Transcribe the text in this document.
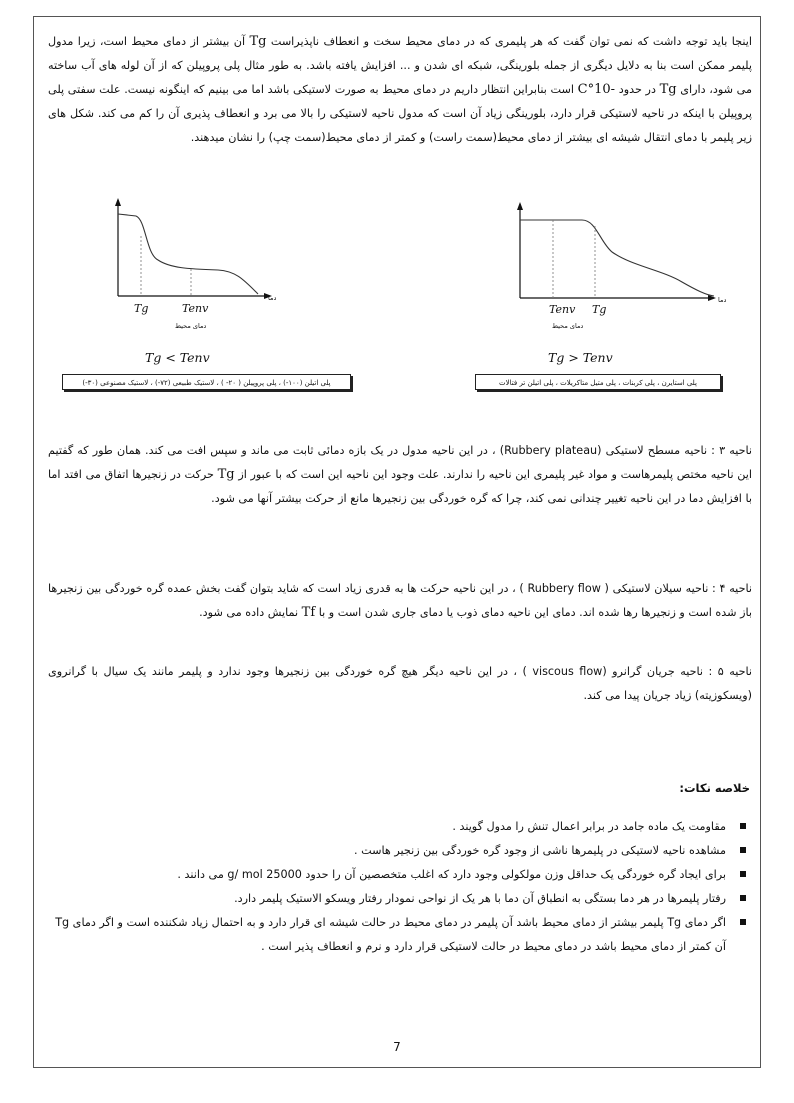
اینجا باید توجه داشت که نمی توان گفت که هر پلیمری که در دمای محیط سخت و انعطاف ناپذیراست Tg آن بیشتر از دمای محیط است، زیرا مدول پلیمر ممکن است بنا به دلایل دیگری از جمله بلورینگی، شبکه ای شدن و ... افزایش یافته باشد. به طور مثال پلی پروپیلن که از آن لوله های آب ساخته می شود، دارای Tg در حدود -10°C است بنابراین انتظار داریم در دمای محیط به صورت لاستیکی باشد اما می بینیم که اینگونه نیست. علت سفتی پلی پروپیلن با اینکه در ناحیه لاستیکی قرار دارد، بلورینگی زیاد آن است که مدول ناحیه لاستیکی را بالا می برد و انعطاف پذیری آن را کم می کند. شکل های زیر پلیمر با دمای انتقال شیشه ای بیشتر از دمای محیط(سمت راست) و کمتر از دمای محیط(سمت چپ) را نشان میدهند.

دما
Tg	Tenv
دمای محیط
Tg < Tenv
پلی اتیلن (۱۰۰-) ، پلی پروپیلن ( ۲۰- ) ، لاستیک طبیعی (۷۲-) ، لاستیک مصنوعی (۳۰-)
دما
Tenv Tg
دمای محیط
Tg > Tenv
پلی استایرن ، پلی کربنات ، پلی متیل متاکریلات ، پلی اتیلن تر فتالات

ناحیه ۳ : ناحیه مسطح لاستیکی (Rubbery plateau) ، در این ناحیه مدول در یک بازه دمائی ثابت می ماند و سپس افت می کند. همان طور که گفتیم این ناحیه مختص پلیمرهاست و مواد غیر پلیمری این ناحیه را ندارند. علت وجود این ناحیه این است که با عبور از Tg حرکت در زنجیرها اتفاق می افتد اما با افزایش دما در این ناحیه تغییر چندانی نمی کند، چرا که گره خوردگی بین زنجیرها مانع از حرکت بیشتر آنها می شود.

ناحیه ۴ : ناحیه سیلان لاستیکی ( Rubbery flow ) ، در این ناحیه حرکت ها به قدری زیاد است که شاید بتوان گفت بخش عمده گره خوردگی بین زنجیرها باز شده است و زنجیرها رها شده اند. دمای این ناحیه دمای ذوب یا دمای جاری شدن است و با Tf نمایش داده می شود.

ناحیه ۵ : ناحیه جریان گرانرو (viscous flow ) ، در این ناحیه دیگر هیچ گره خوردگی بین زنجیرها وجود ندارد و پلیمر مانند یک سیال با گرانروی (ویسکوزیته) زیاد جریان پیدا می کند.

خلاصه نکات:
مقاومت یک ماده جامد در برابر اعمال تنش را مدول گویند .
مشاهده ناحیه لاستیکی در پلیمرها ناشی از وجود گره خوردگی بین زنجیر هاست .
برای ایجاد گره خوردگی یک حداقل وزن مولکولی وجود دارد که اغلب متخصصین آن را حدود 25000 g/ mol می دانند .
رفتار پلیمرها در هر دما بستگی به انطباق آن دما با هر یک از نواحی نمودار رفتار ویسکو الاستیک پلیمر دارد.
اگر دمای Tg پلیمر بیشتر از دمای محیط باشد آن پلیمر در دمای محیط در حالت شیشه ای قرار دارد و به احتمال زیاد شکننده است و اگر دمای Tg آن کمتر از دمای محیط باشد در دمای محیط در حالت لاستیکی قرار دارد و نرم و انعطاف پذیر است .
7
